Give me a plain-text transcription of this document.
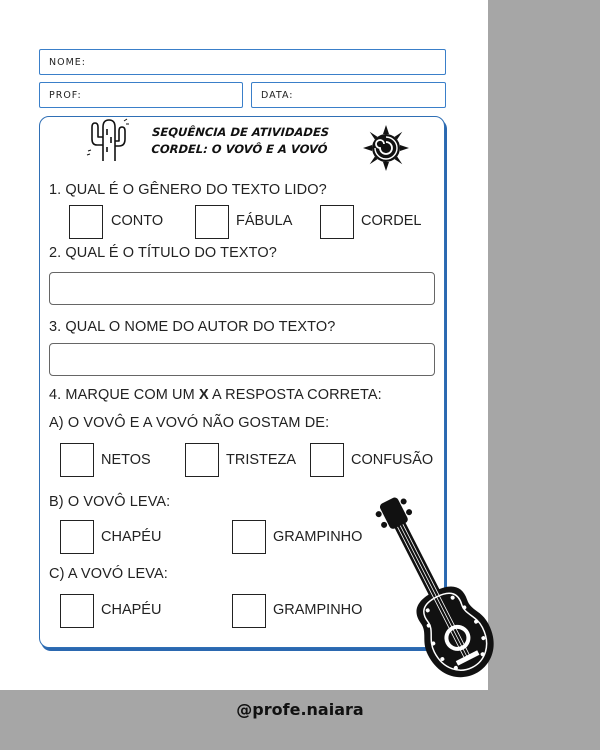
@profe.naiara
NOME:
PROF:	DATA:
SEQUÊNCIA DE ATIVIDADES
CORDEL: O VOVÔ E A VOVÓ
1. QUAL É O GÊNERO DO TEXTO LIDO?
CONTO	FÁBULA	CORDEL
2. QUAL É O TÍTULO DO TEXTO?
3. QUAL O NOME DO AUTOR DO TEXTO?
4. MARQUE COM UM X A RESPOSTA CORRETA:
A) O VOVÔ E A VOVÓ NÃO GOSTAM DE:
NETOS	TRISTEZA	CONFUSÃO
B) O VOVÔ LEVA:
CHAPÉU	GRAMPINHO
C) A VOVÓ LEVA:
CHAPÉU	GRAMPINHO
